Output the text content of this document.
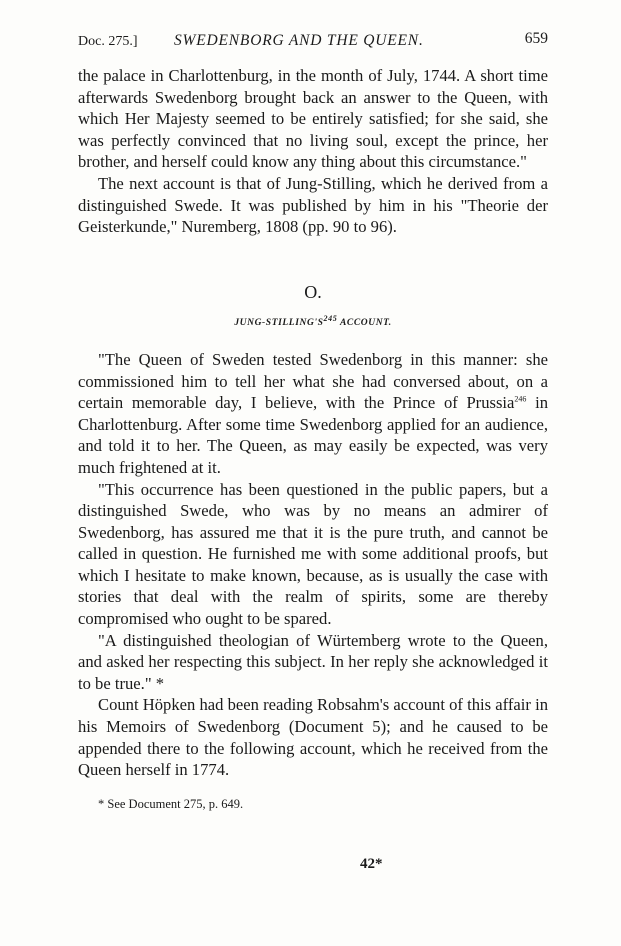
Doc. 275.] SWEDENBORG AND THE QUEEN.	659

the palace in Charlottenburg, in the month of July, 1744. A short time afterwards Swedenborg brought back an answer to the Queen, with which Her Majesty seemed to be entirely satisfied; for she said, she was perfectly convinced that no living soul, except the prince, her brother, and herself could know any thing about this circumstance."

The next account is that of Jung-Stilling, which he derived from a distinguished Swede. It was published by him in his "Theorie der Geisterkunde," Nuremberg, 1808 (pp. 90 to 96).

O.
JUNG-$STILLING'S^{245}$ ACCOUNT.

"The Queen of Sweden tested Swedenborg in this manner: she commissioned him to tell her what she had conversed about, on a certain memorable day, I believe, with the Prince of Prussia$^{246}$ in Charlottenburg. After some time Swedenborg applied for an audience, and told it to her. The Queen, as may easily be expected, was very much frightened at it.

"This occurrence has been questioned in the public papers, but a distinguished Swede, who was by no means an admirer of Swedenborg, has assured me that it is the pure truth, and cannot be called in question. He furnished me with some additional proofs, but which I hesitate to make known, because, as is usually the case with stories that deal with the realm of spirits, some are thereby compromised who ought to be spared.

"A distinguished theologian of Würtemberg wrote to the Queen, and asked her respecting this subject. In her reply she acknowledged it to be true." *

Count Höpken had been reading Robsahm's account of this affair in his Memoirs of Swedenborg (Document 5); and he caused to be appended there to the following account, which he received from the Queen herself in 1774.

* See Document 275, p. 649.
42*
